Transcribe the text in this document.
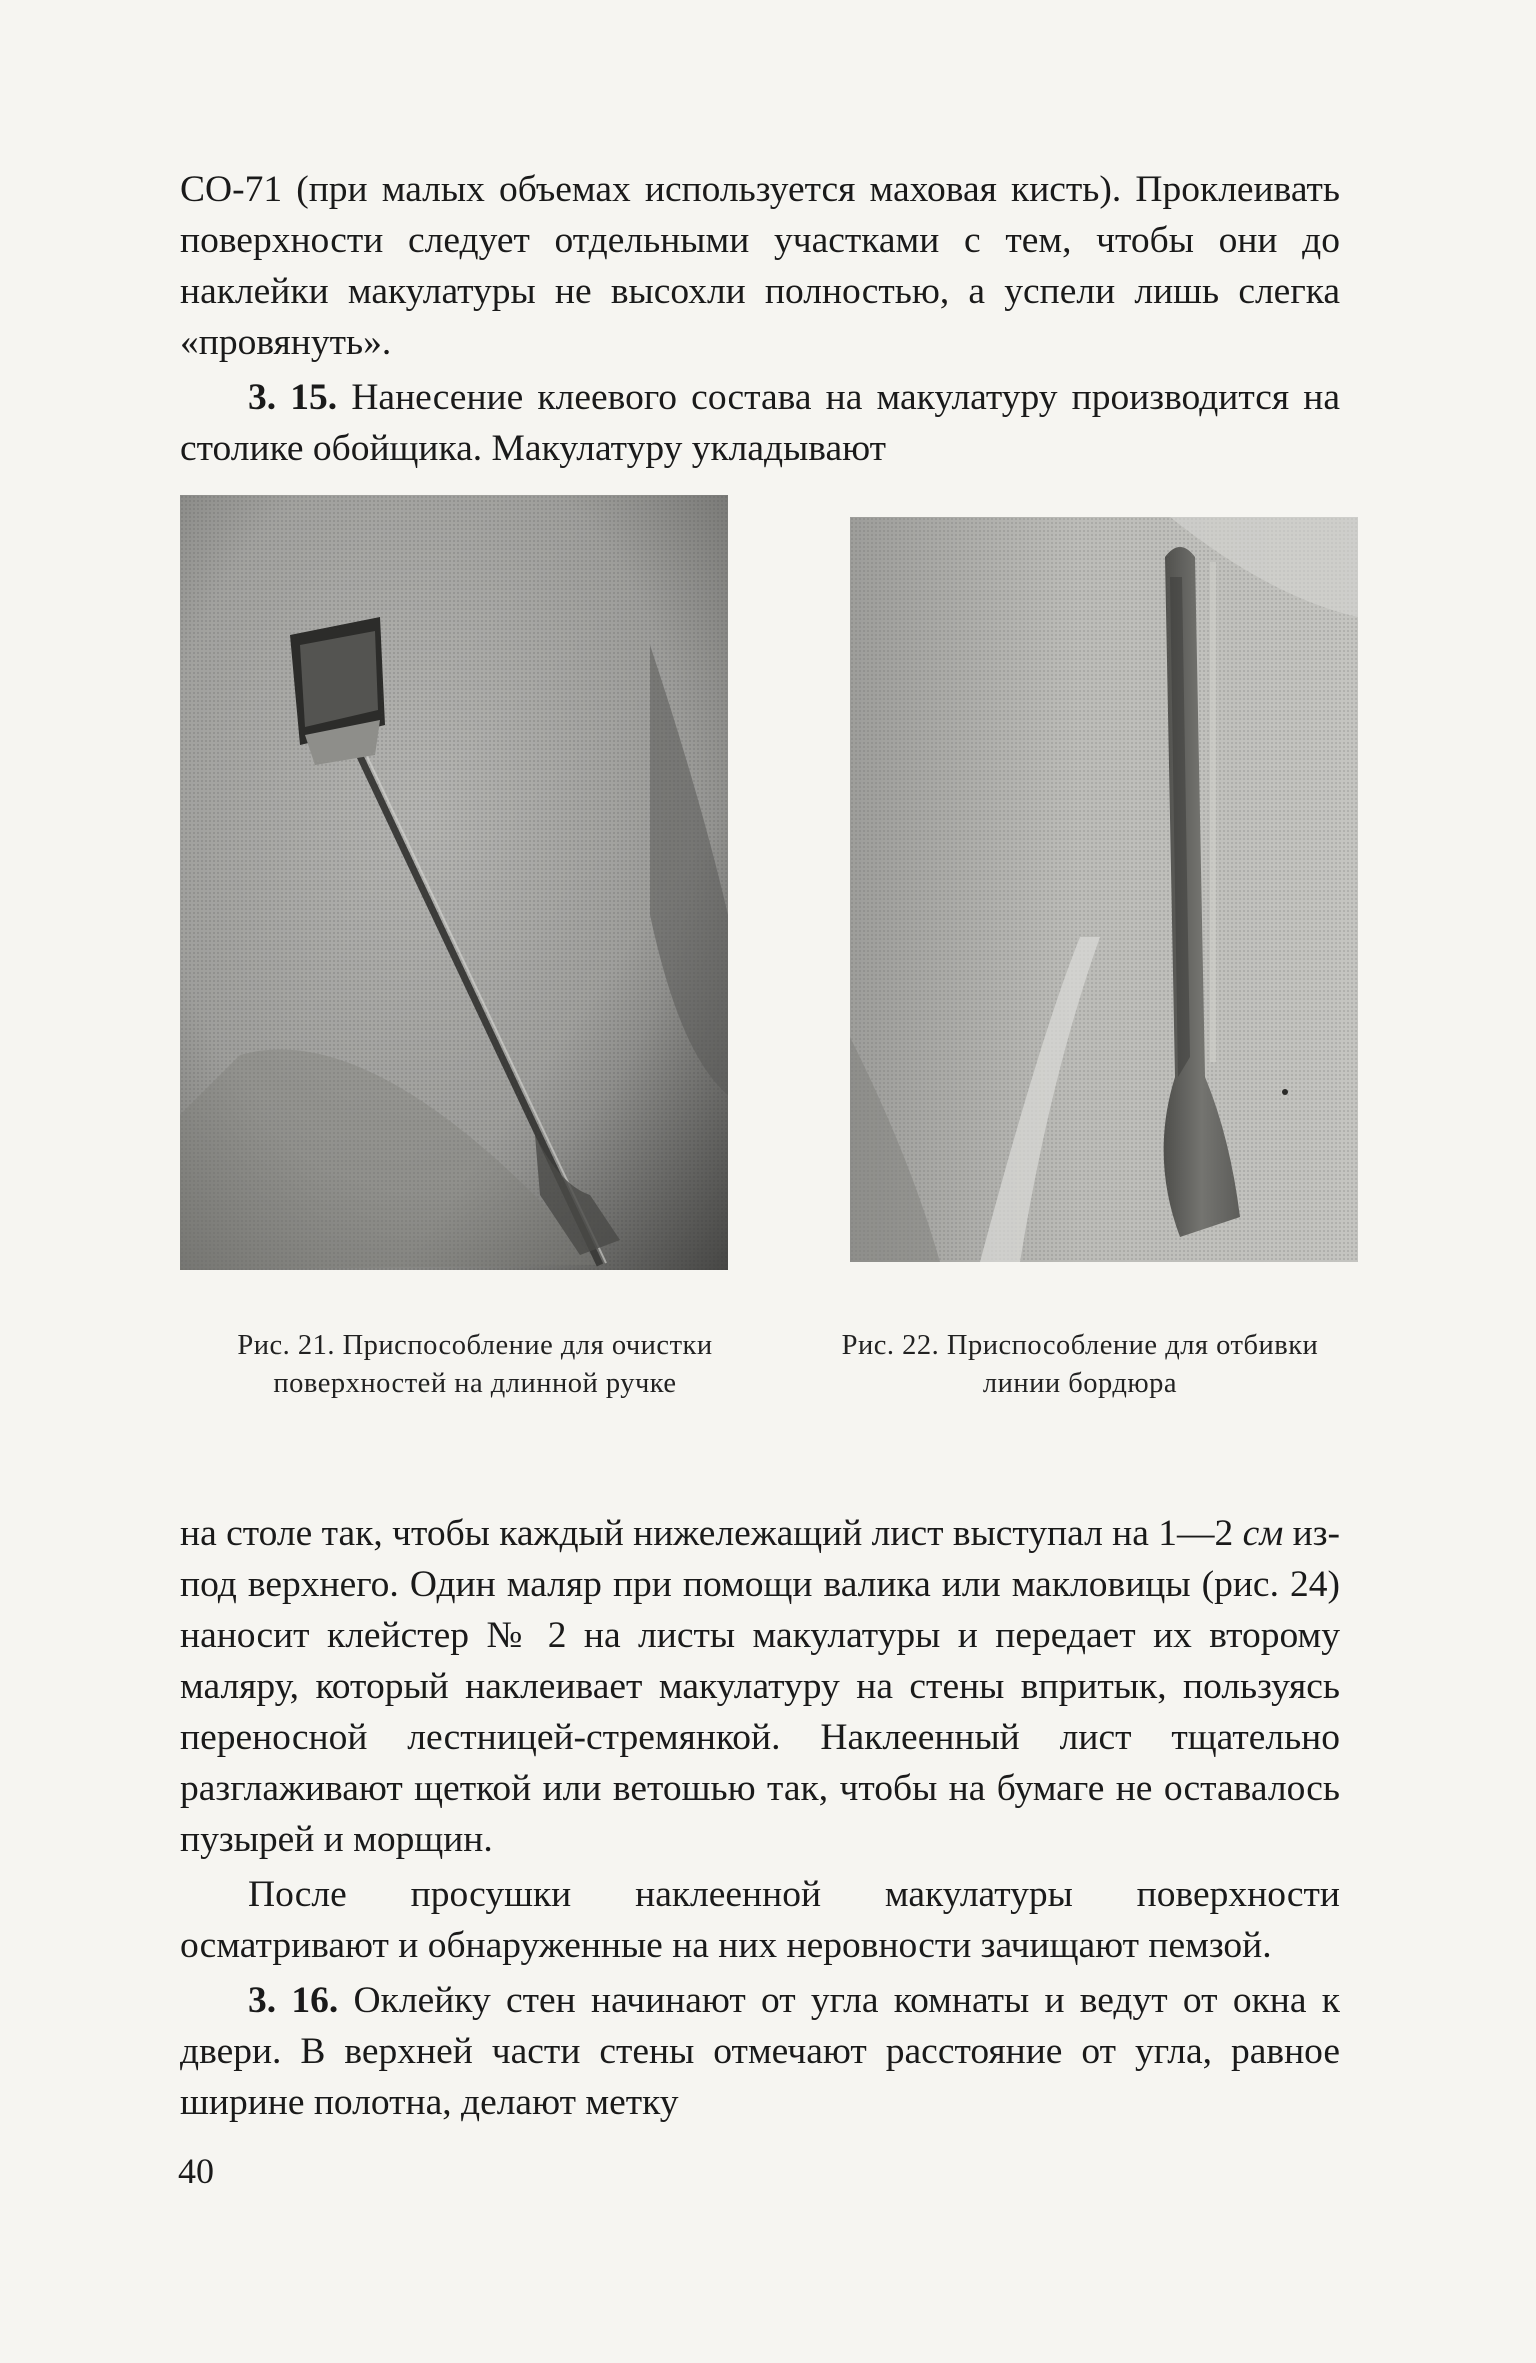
СО-71 (при малых объемах используется маховая кисть). Проклеивать поверхности следует отдельными участками с тем, чтобы они до наклейки макулатуры не высохли полностью, а успели лишь слегка «провянуть».

3. 15. Нанесение клеевого состава на макулатуру производится на столике обойщика. Макулатуру укладывают

Рис. 21. Приспособление для очистки поверхностей на длинной ручке
Рис. 22. Приспособление для отбивки линии бордюра

на столе так, чтобы каждый нижележащий лист выступал на 1—2 см из-под верхнего. Один маляр при помощи валика или макловицы (рис. 24) наносит клейстер № 2 на листы макулатуры и передает их второму маляру, который наклеивает макулатуру на стены впритык, пользуясь переносной лестницей-стремянкой. Наклеенный лист тщательно разглаживают щеткой или ветошью так, чтобы на бумаге не оставалось пузырей и морщин.

После просушки наклеенной макулатуры поверхности осматривают и обнаруженные на них неровности зачищают пемзой.

3. 16. Оклейку стен начинают от угла комнаты и ведут от окна к двери. В верхней части стены отмечают расстояние от угла, равное ширине полотна, делают метку

40
